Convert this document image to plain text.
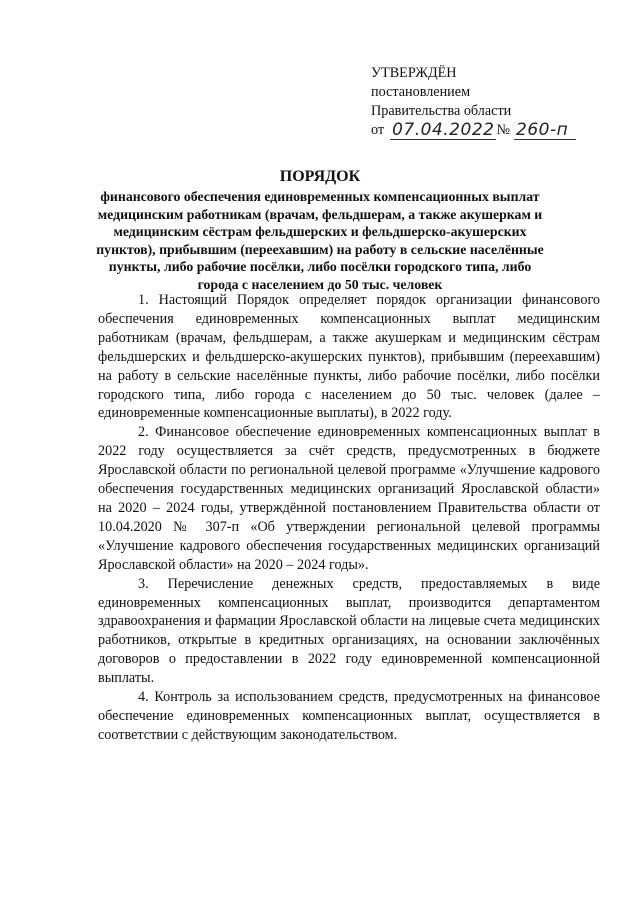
УТВЕРЖДЁН
постановлением
Правительства области
от 07.04.2022 № 260-п
ПОРЯДОК
финансового обеспечения единовременных компенсационных выплат медицинским работникам (врачам, фельдшерам, а также акушеркам и медицинским сёстрам фельдшерских и фельдшерско-акушерских пунктов), прибывшим (переехавшим) на работу в сельские населённые пункты, либо рабочие посёлки, либо посёлки городского типа, либо города с населением до 50 тыс. человек

1. Настоящий Порядок определяет порядок организации финансового обеспечения единовременных компенсационных выплат медицинским работникам (врачам, фельдшерам, а также акушеркам и медицинским сёстрам фельдшерских и фельдшерско-акушерских пунктов), прибывшим (переехавшим) на работу в сельские населённые пункты, либо рабочие посёлки, либо посёлки городского типа, либо города с населением до 50 тыс. человек (далее – единовременные компенсационные выплаты), в 2022 году.

2. Финансовое обеспечение единовременных компенсационных выплат в 2022 году осуществляется за счёт средств, предусмотренных в бюджете Ярославской области по региональной целевой программе «Улучшение кадрового обеспечения государственных медицинских организаций Ярославской области» на 2020 – 2024 годы, утверждённой постановлением Правительства области от 10.04.2020 № 307-п «Об утверждении региональной целевой программы «Улучшение кадрового обеспечения государственных медицинских организаций Ярославской области» на 2020 – 2024 годы».

3. Перечисление денежных средств, предоставляемых в виде единовременных компенсационных выплат, производится департаментом здравоохранения и фармации Ярославской области на лицевые счета медицинских работников, открытые в кредитных организациях, на основании заключённых договоров о предоставлении в 2022 году единовременной компенсационной выплаты.

4. Контроль за использованием средств, предусмотренных на финансовое обеспечение единовременных компенсационных выплат, осуществляется в соответствии с действующим законодательством.
